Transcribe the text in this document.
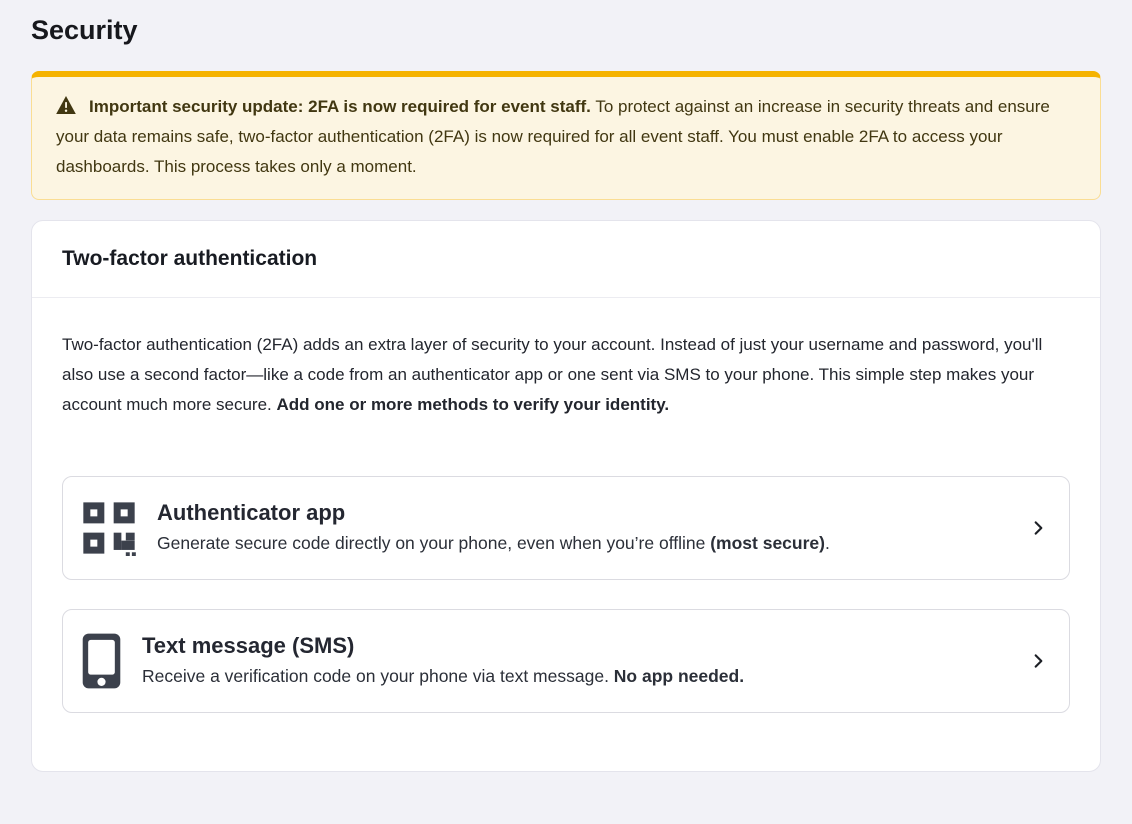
Security
Important security update: 2FA is now required for event staff. To protect against an increase in security threats and ensure your data remains safe, two-factor authentication (2FA) is now required for all event staff. You must enable 2FA to access your dashboards. This process takes only a moment.
Two-factor authentication

Two-factor authentication (2FA) adds an extra layer of security to your account. Instead of just your username and password, you'll also use a second factor—like a code from an authenticator app or one sent via SMS to your phone. This simple step makes your account much more secure. Add one or more methods to verify your identity.

Authenticator app
Generate secure code directly on your phone, even when you’re offline (most secure).
Text message (SMS)
Receive a verification code on your phone via text message. No app needed.
